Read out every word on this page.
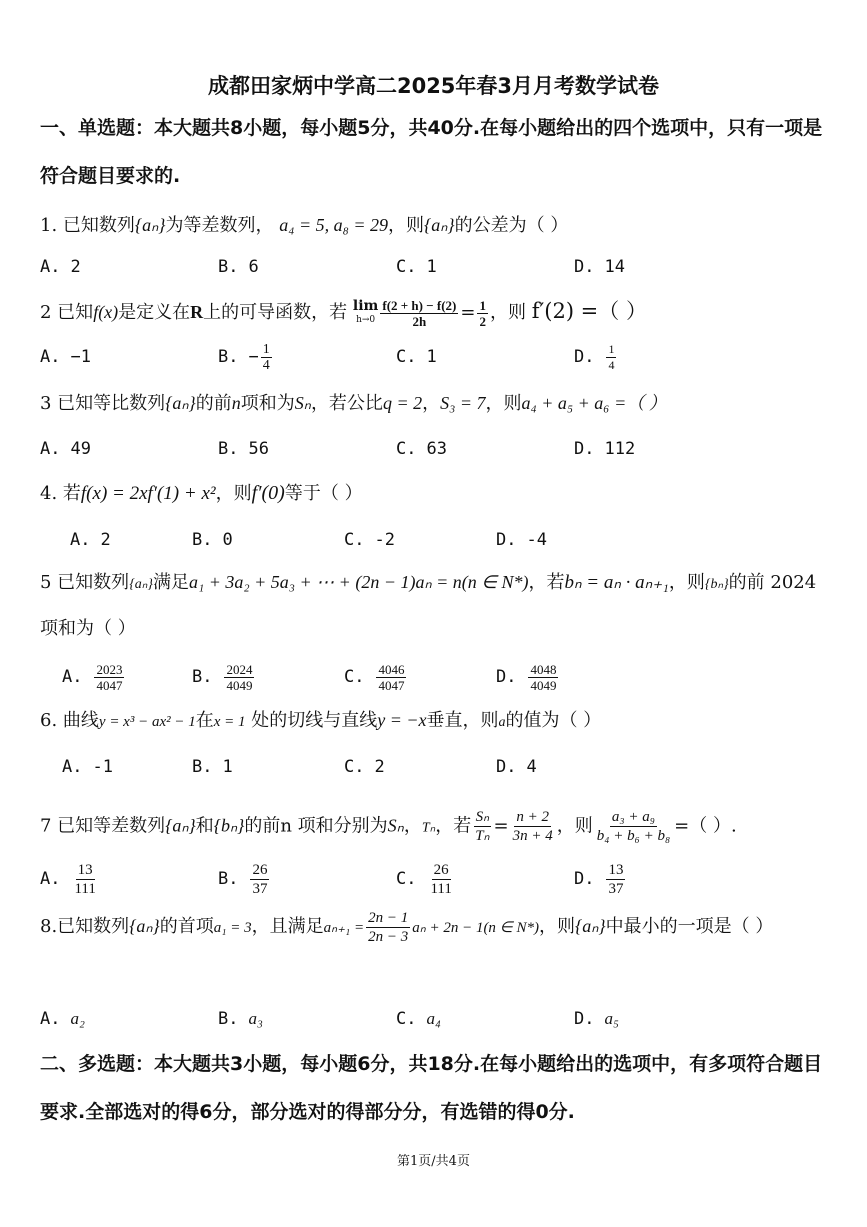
成都田家炳中学高二2025年春3月月考数学试卷
一、单选题：本大题共8小题，每小题5分，共40分.在每小题给出的四个选项中，只有一项是符合题目要求的.
1. 已知数列{aₙ}为等差数列， a₄ = 5, a₈ = 29，则{aₙ}的公差为（ ）
A. 2	B. 6	C. 1	D. 14
2 已知f(x)是定义在R上的可导函数，若 lim
$h\to 0 \frac{f(2 + h) - f(2)}{2h} = \frac{1}{2}$ ，则 f′(2) =（ ）
A. −1	B. − $\frac{1}{4}$	C. 1	D. $\frac{1}{4}$
3 已知等比数列{aₙ}的前n项和为Sₙ，若公比q = 2，S₃ = 7，则a₄ + a₅ + a₆ =（ ）
A. 49	B. 56	C. 63	D. 112
4. 若f(x) = 2xf′(1) + x²，则f′(0)等于（ ）
A. 2	B. 0	C. -2	D. -4
5 已知数列{aₙ}满足a₁ + 3a₂ + 5a₃ + ⋯ + (2n − 1)aₙ = n(n ∈ N*)，若bₙ = aₙ · aₙ₊₁，则{bₙ}的前 2024 项和为（ ）
A. $\frac{2023}{4047}$	B. $\frac{2024}{4049}$	C. $\frac{4046}{4047}$	D. $\frac{4048}{4049}$
6. 曲线y = x³ − ax² − 1在x = 1 处的切线与直线y = −x垂直，则a的值为（ ）
A. -1	B. 1	C. 2	D. 4
7 已知等差数列{aₙ}和{bₙ}的前n 项和分别为Sₙ，Tₙ，若 $\frac{\text{Sₙ}}{\text{Tₙ}} = \frac{n + 2}{3n + 4}$ ，则 $\frac{\text{a₃ + a₉}}{\text{b₄ + b₆ + b₈}}$ =（ ）.
A. $\frac{13}{111}$	B. $\frac{26}{37}$	C. $\frac{26}{111}$	D. $\frac{13}{37}$
8.已知数列{aₙ}的首项a₁ = 3，且满足$a_{n+1} = \frac{2n - 1}{2n - 3}$ aₙ + 2n − 1(n ∈ N*)，则{aₙ}中最小的一项是（ ）
A. a₂	B. a₃	C. a₄	D. a₅
二、多选题：本大题共3小题，每小题6分，共18分.在每小题给出的选项中，有多项符合题目要求.全部选对的得6分，部分选对的得部分分，有选错的得0分.
第1页/共4页
